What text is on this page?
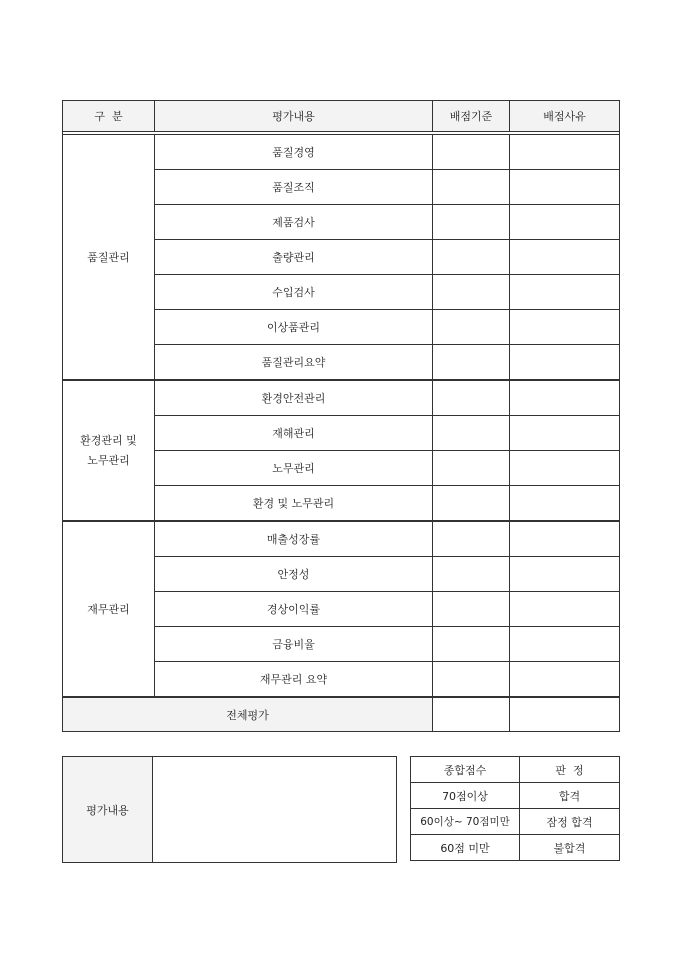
구  분	평가내용	배점기준	배점사유

품질관리	품질경영		
	품질조직		
	제품검사		
	출량관리		
	수입검사		
	이상품관리		
	품질관리요약		
환경관리 및
노무관리	환경안전관리		
	재해관리		
	노무관리		
	환경 및 노무관리		
재무관리	매출성장률		
	안정성		
	경상이익률		
	금융비율		
	재무관리 요약		
전체평가			
평가내용	
종합점수	판  정
70점이상	합격
60이상~ 70점미만	잠정 합격
60점 미만	불합격
